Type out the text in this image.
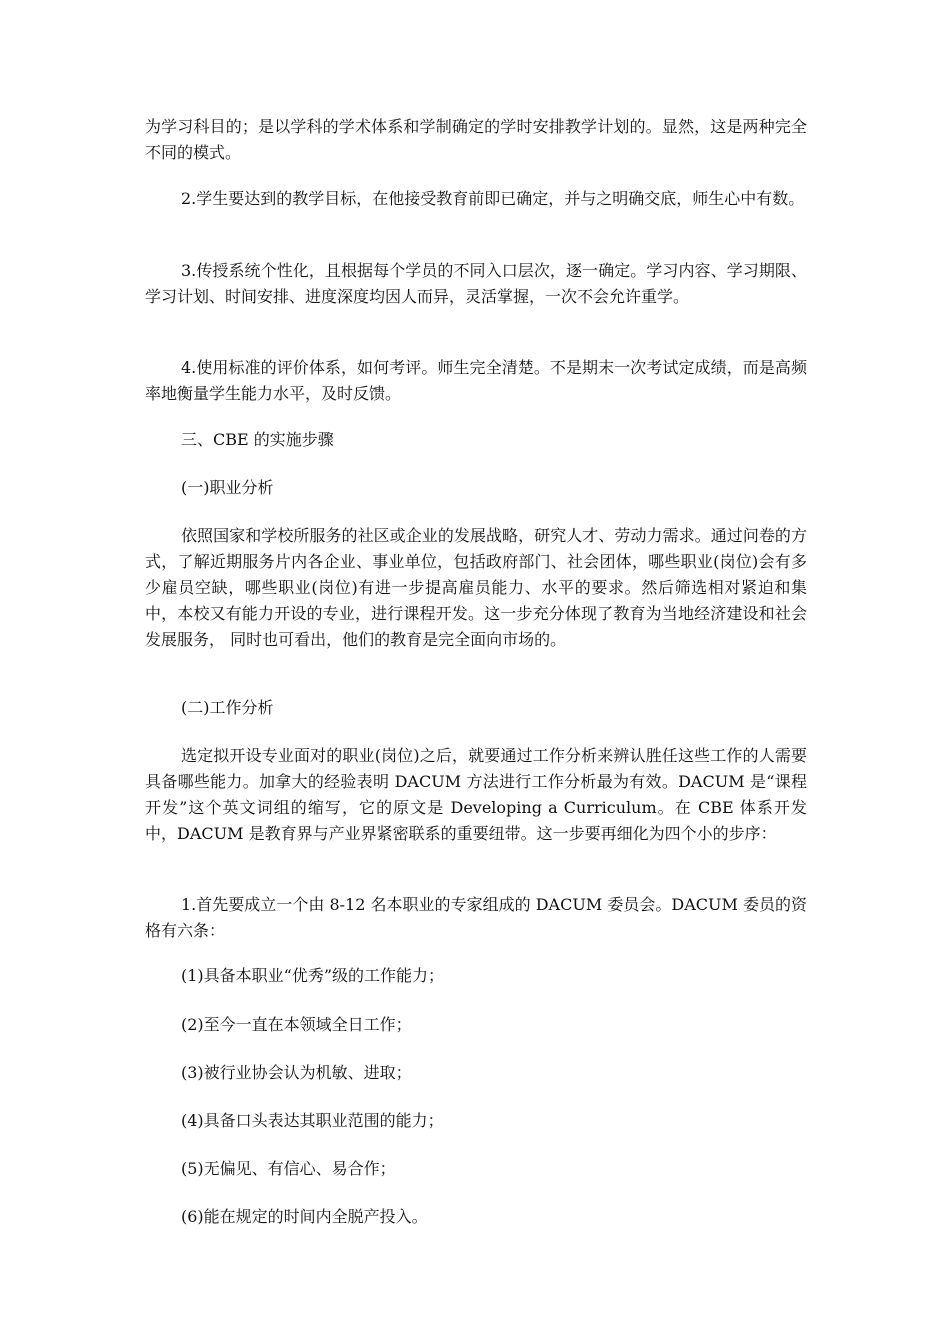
为学习科目的；是以学科的学术体系和学制确定的学时安排教学计划的。显然，这是两种完全不同的模式。

2.学生要达到的教学目标，在他接受教育前即已确定，并与之明确交底，师生心中有数。

3.传授系统个性化，且根据每个学员的不同入口层次，逐一确定。学习内容、学习期限、学习计划、时间安排、进度深度均因人而异，灵活掌握，一次不会允许重学。

4.使用标准的评价体系，如何考评。师生完全清楚。不是期末一次考试定成绩，而是高频率地衡量学生能力水平，及时反馈。

三、CBE 的实施步骤

(一)职业分析

依照国家和学校所服务的社区或企业的发展战略，研究人才、劳动力需求。通过问卷的方式，了解近期服务片内各企业、事业单位，包括政府部门、社会团体，哪些职业(岗位)会有多少雇员空缺，哪些职业(岗位)有进一步提高雇员能力、水平的要求。然后筛选相对紧迫和集中，本校又有能力开设的专业，进行课程开发。这一步充分体现了教育为当地经济建设和社会发展服务， 同时也可看出，他们的教育是完全面向市场的。

(二)工作分析

选定拟开设专业面对的职业(岗位)之后，就要通过工作分析来辨认胜任这些工作的人需要具备哪些能力。加拿大的经验表明 DACUM 方法进行工作分析最为有效。DACUM 是“课程开发”这个英文词组的缩写，它的原文是 Developing a Curriculum。在 CBE 体系开发中，DACUM 是教育界与产业界紧密联系的重要纽带。这一步要再细化为四个小的步序：

1.首先要成立一个由 8-12 名本职业的专家组成的 DACUM 委员会。DACUM 委员的资格有六条：

(1)具备本职业“优秀”级的工作能力；

(2)至今一直在本领域全日工作；

(3)被行业协会认为机敏、进取；

(4)具备口头表达其职业范围的能力；

(5)无偏见、有信心、易合作；

(6)能在规定的时间内全脱产投入。
